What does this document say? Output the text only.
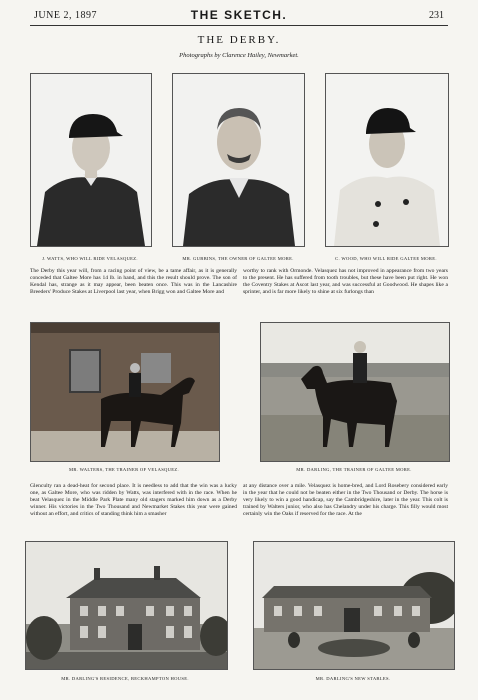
JUNE 2, 1897	THE SKETCH.	231
THE DERBY.
Photographs by Clarence Hailey, Newmarket.
J. WATTS, WHO WILL RIDE VELASQUEZ.	MR. GUBBINS, THE OWNER OF GALTEE MORE.	C. WOOD, WHO WILL RIDE GALTEE MORE.
The Derby this year will, from a racing point of view, be a tame affair, as it is generally conceded that Galtee More has 14 lb. in hand, and this the result should prove. The son of Kendal has, strange as it may appear, been beaten once. This was in the Lancashire Breeders' Produce Stakes at Liverpool last year, when Brigg won and Galtee More and
worthy to rank with Ormonde. Velasquez has not improved in appearance from two years to the present. He has suffered from tooth troubles, but these have been put right. He won the Coventry Stakes at Ascot last year, and was successful at Goodwood. He shapes like a sprinter, and is far more likely to shine at six furlongs than
MR. WALTERS, THE TRAINER OF VELASQUEZ.	MR. DARLING, THE TRAINER OF GALTEE MORE.
Glenculty ran a dead-heat for second place. It is needless to add that the win was a lucky one, as Galtee More, who was ridden by Watts, was interfered with in the race. When he beat Velasquez in the Middle Park Plate many old stagers marked him down as a Derby winner. His victories in the Two Thousand and Newmarket Stakes this year were gained without an effort, and critics of standing think him a smasher
at any distance over a mile. Velasquez is home-bred, and Lord Rosebery considered early in the year that he could not be beaten either in the Two Thousand or Derby. The horse is very likely to win a good handicap, say the Cambridgeshire, later in the year. This colt is trained by Walters junior, who also has Chelandry under his charge. This filly would most certainly win the Oaks if reserved for the race. At the
MR. DARLING'S RESIDENCE, BECKHAMPTON HOUSE.	MR. DARLING'S NEW STABLES.
